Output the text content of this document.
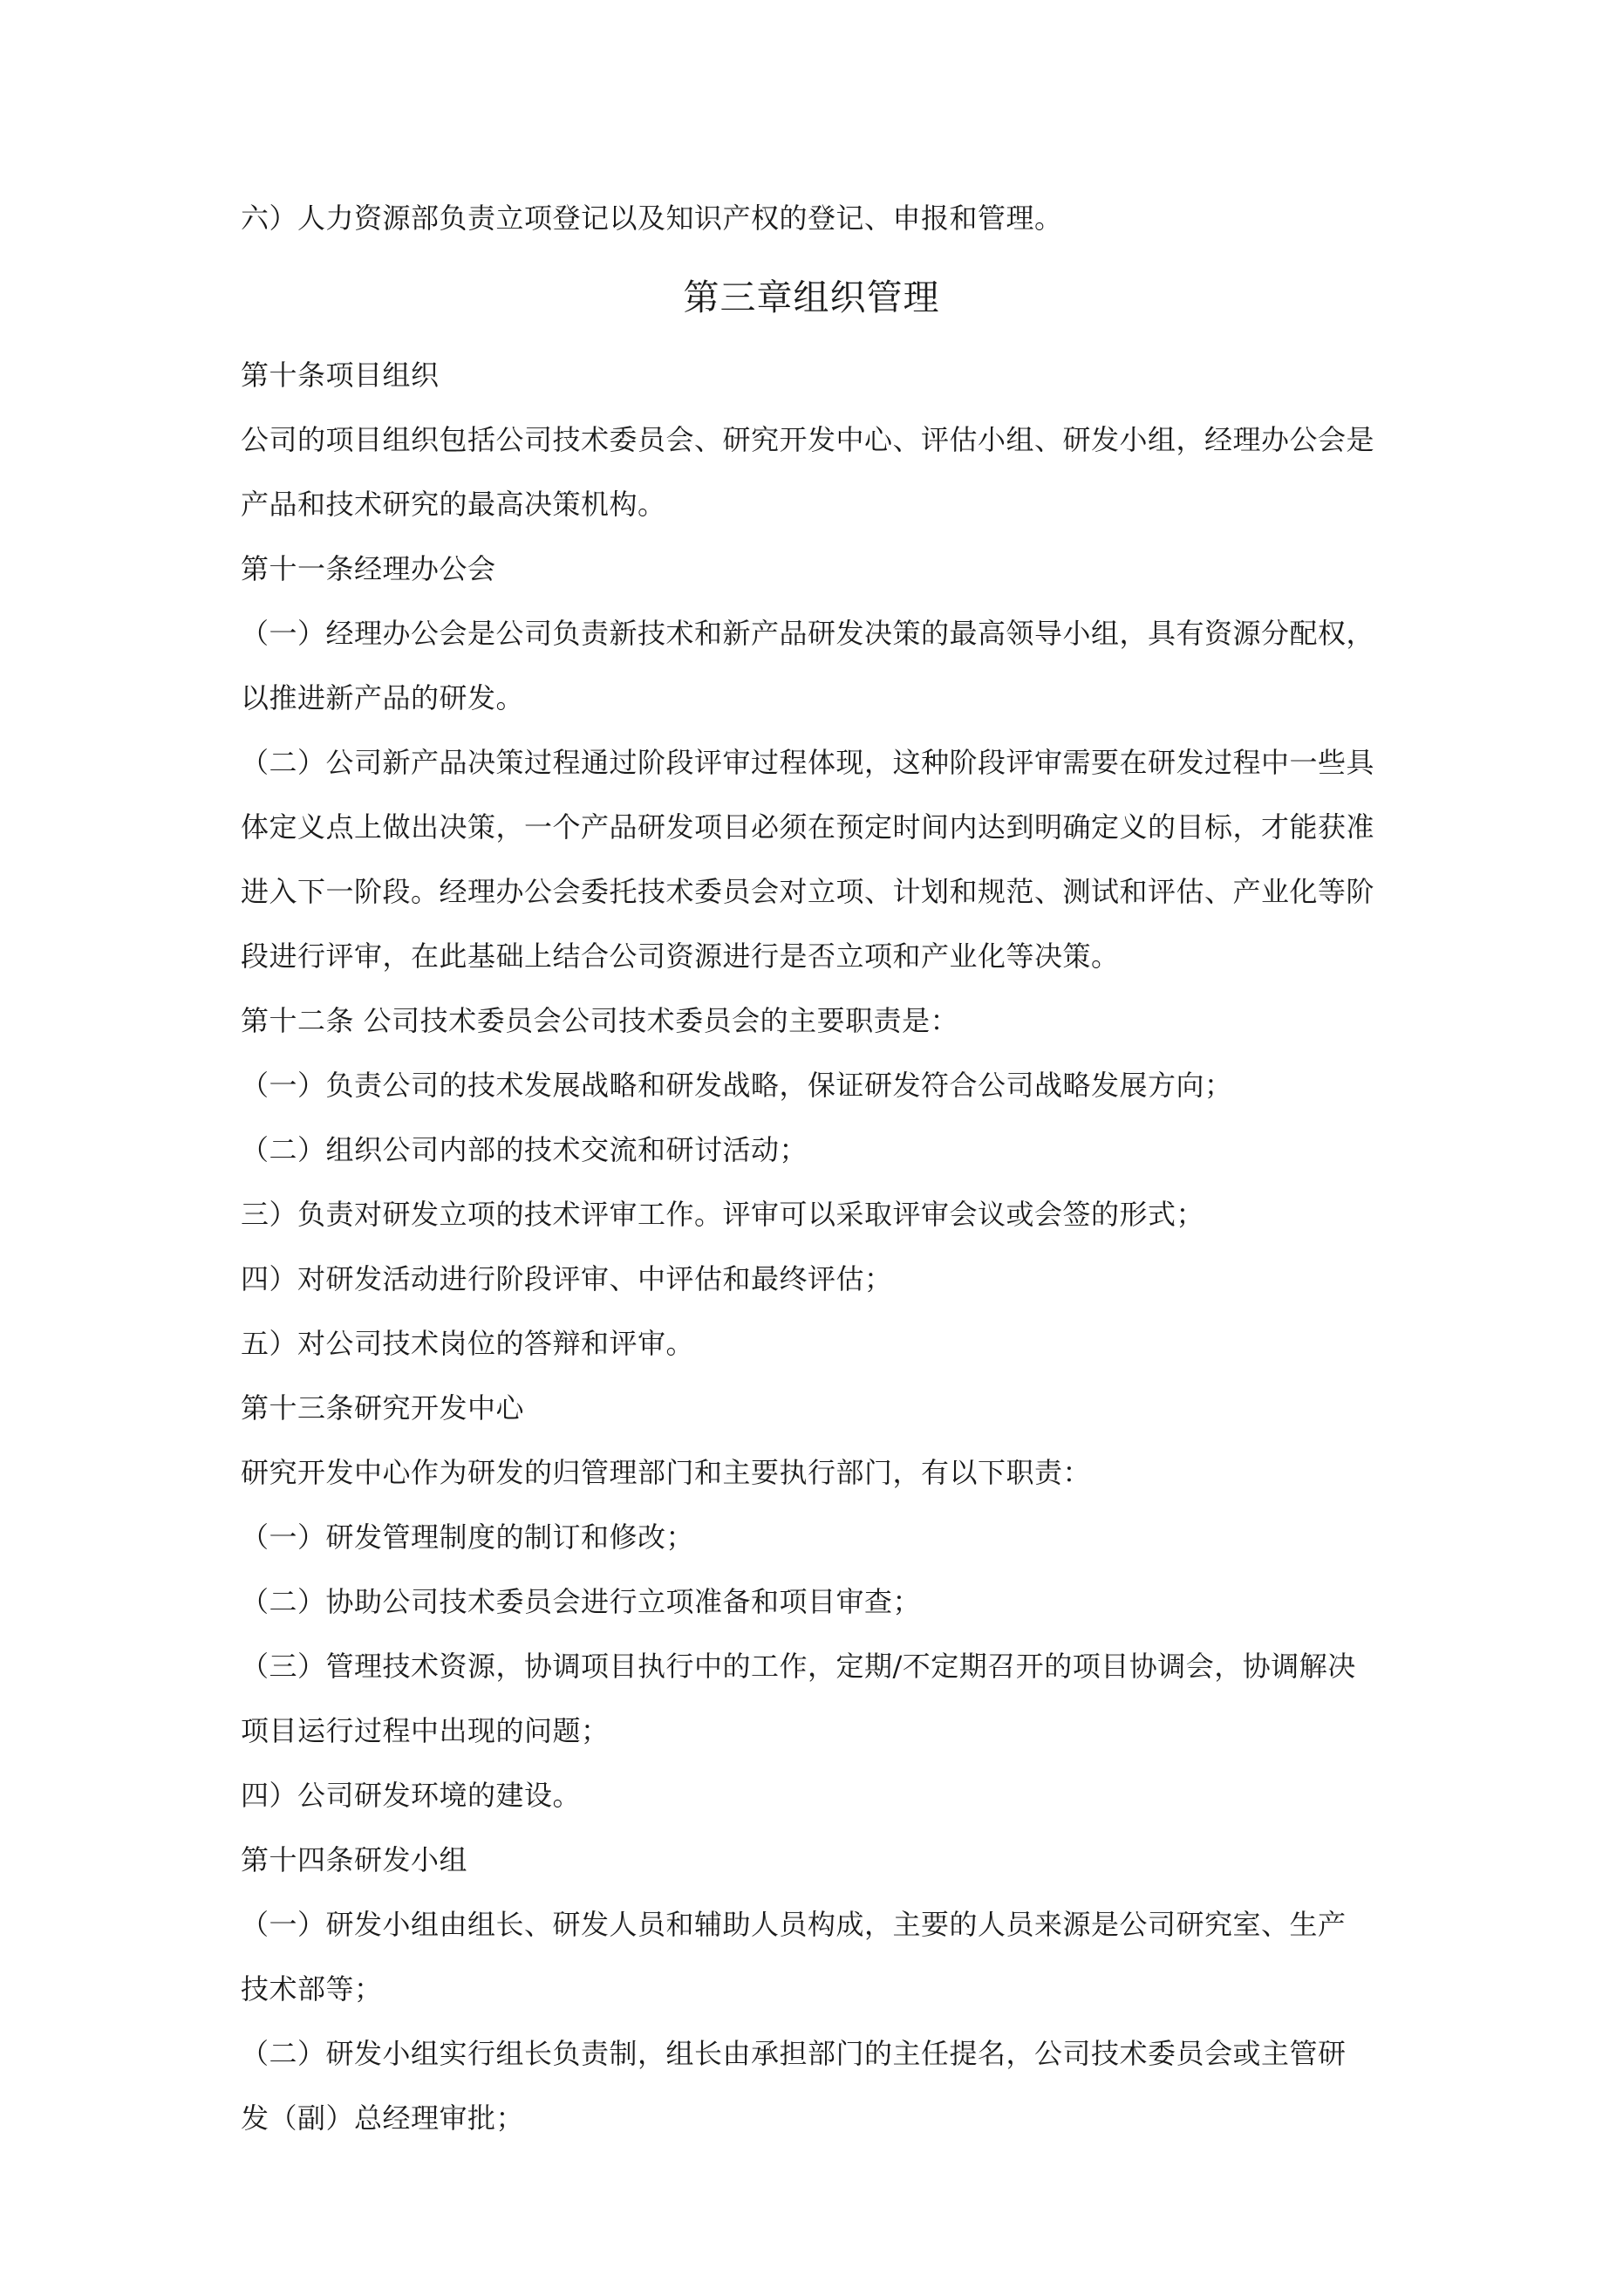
六）人力资源部负责立项登记以及知识产权的登记、申报和管理。
第三章组织管理
第十条项目组织
公司的项目组织包括公司技术委员会、研究开发中心、评估小组、研发小组，经理办公会是
产品和技术研究的最高决策机构。
第十一条经理办公会
（一）经理办公会是公司负责新技术和新产品研发决策的最高领导小组，具有资源分配权，
以推进新产品的研发。
（二）公司新产品决策过程通过阶段评审过程体现，这种阶段评审需要在研发过程中一些具
体定义点上做出决策，一个产品研发项目必须在预定时间内达到明确定义的目标，才能获准
进入下一阶段。经理办公会委托技术委员会对立项、计划和规范、测试和评估、产业化等阶
段进行评审，在此基础上结合公司资源进行是否立项和产业化等决策。
第十二条 公司技术委员会公司技术委员会的主要职责是：
（一）负责公司的技术发展战略和研发战略，保证研发符合公司战略发展方向；
（二）组织公司内部的技术交流和研讨活动；
三）负责对研发立项的技术评审工作。评审可以采取评审会议或会签的形式；
四）对研发活动进行阶段评审、中评估和最终评估；
五）对公司技术岗位的答辩和评审。
第十三条研究开发中心
研究开发中心作为研发的归管理部门和主要执行部门，有以下职责：
（一）研发管理制度的制订和修改；
（二）协助公司技术委员会进行立项准备和项目审查；
（三）管理技术资源，协调项目执行中的工作，定期/不定期召开的项目协调会，协调解决
项目运行过程中出现的问题；
四）公司研发环境的建设。
第十四条研发小组
（一）研发小组由组长、研发人员和辅助人员构成，主要的人员来源是公司研究室、生产
技术部等；
（二）研发小组实行组长负责制，组长由承担部门的主任提名，公司技术委员会或主管研
发（副）总经理审批；
